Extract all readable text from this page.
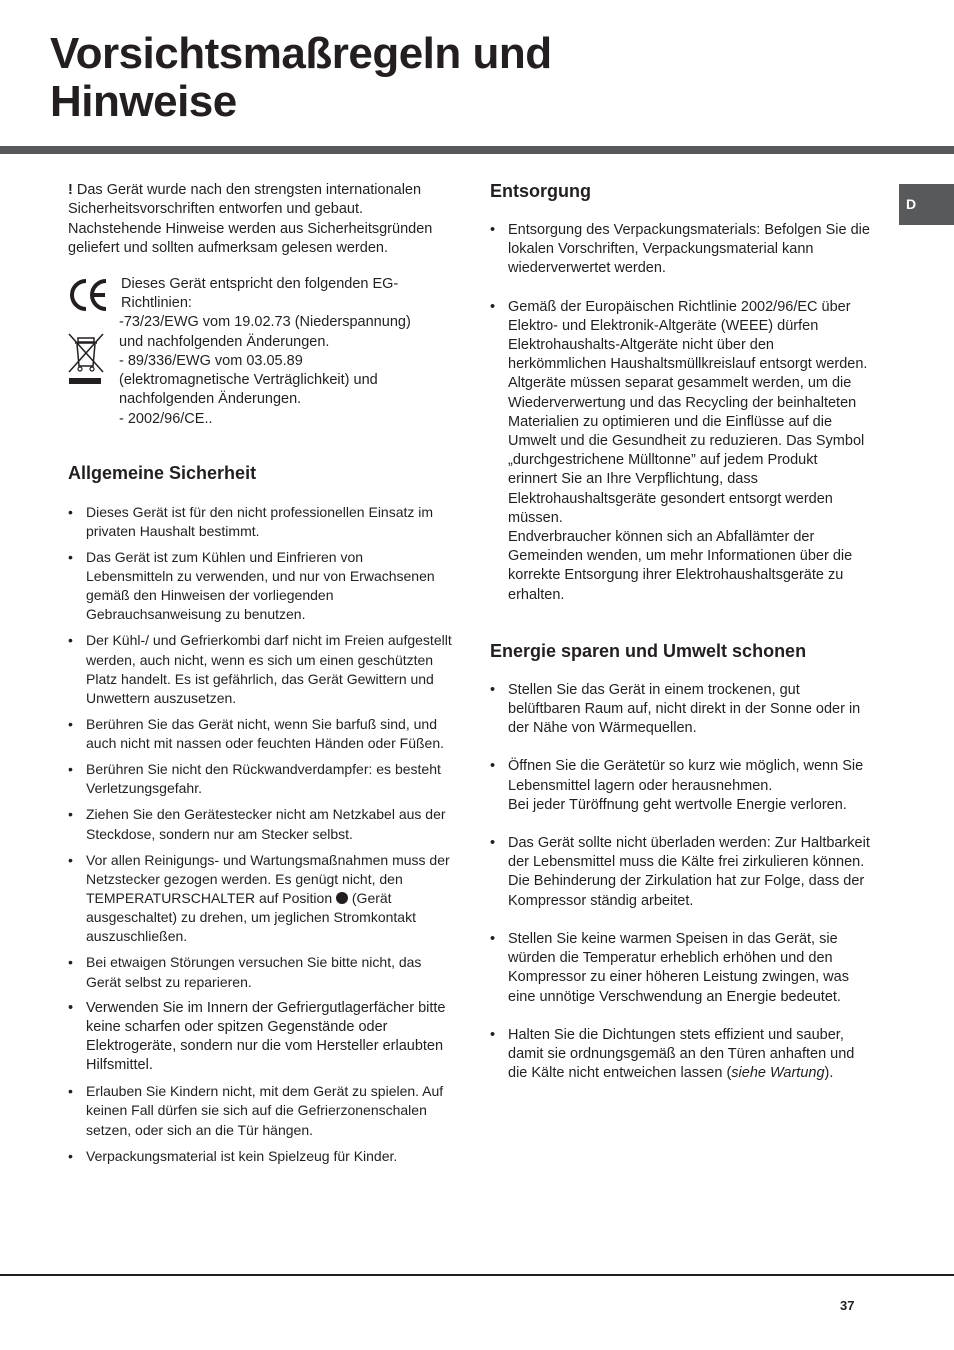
Vorsichtsmaßregeln und
Hinweise
D

! Das Gerät wurde nach den strengsten internationalen Sicherheitsvorschriften entworfen und gebaut. Nachstehende Hinweise werden aus Sicherheitsgründen geliefert und sollten aufmerksam gelesen werden.

Dieses Gerät entspricht den folgenden EG-
Richtlinien:
-73/23/EWG vom 19.02.73 (Niederspannung)
und nachfolgenden Änderungen.
- 89/336/EWG vom 03.05.89
(elektromagnetische Verträglichkeit) und
nachfolgenden Änderungen.
- 2002/96/CE..
Allgemeine Sicherheit
• Dieses Gerät ist für den nicht professionellen Einsatz im privaten Haushalt bestimmt.
• Das Gerät ist zum Kühlen und Einfrieren von Lebensmitteln zu verwenden, und nur von Erwachsenen gemäß den Hinweisen der vorliegenden Gebrauchsanweisung zu benutzen.
• Der Kühl-/ und Gefrierkombi darf nicht im Freien aufgestellt werden, auch nicht, wenn es sich um einen geschützten Platz handelt. Es ist gefährlich, das Gerät Gewittern und Unwettern auszusetzen.
• Berühren Sie das Gerät nicht, wenn Sie barfuß sind, und auch nicht mit nassen oder feuchten Händen oder Füßen.
• Berühren Sie nicht den Rückwandverdampfer: es besteht Verletzungsgefahr.
• Ziehen Sie den Gerätestecker nicht am Netzkabel aus der Steckdose, sondern nur am Stecker selbst.
• Vor allen Reinigungs- und Wartungsmaßnahmen muss der Netzstecker gezogen werden. Es genügt nicht, den TEMPERATURSCHALTER auf Position (Gerät ausgeschaltet) zu drehen, um jeglichen Stromkontakt auszuschließen.
• Bei etwaigen Störungen versuchen Sie bitte nicht, das Gerät selbst zu reparieren.
• Verwenden Sie im Innern der Gefriergutlagerfächer bitte keine scharfen oder spitzen Gegenstände oder Elektrogeräte, sondern nur die vom Hersteller erlaubten Hilfsmittel.
• Erlauben Sie Kindern nicht, mit dem Gerät zu spielen. Auf keinen Fall dürfen sie sich auf die Gefrierzonenschalen setzen, oder sich an die Tür hängen.
• Verpackungsmaterial ist kein Spielzeug für Kinder.
Entsorgung
• Entsorgung des Verpackungsmaterials: Befolgen Sie die lokalen Vorschriften, Verpackungsmaterial kann wiederverwertet werden.
• Gemäß der Europäischen Richtlinie 2002/96/EC über Elektro- und Elektronik-Altgeräte (WEEE) dürfen Elektrohaushalts-Altgeräte nicht über den herkömmlichen Haushaltsmüllkreislauf entsorgt werden. Altgeräte müssen separat gesammelt werden, um die Wiederverwertung und das Recycling der beinhalteten Materialien zu optimieren und die Einflüsse auf die Umwelt und die Gesundheit zu reduzieren. Das Symbol „durchgestrichene Mülltonne” auf jedem Produkt erinnert Sie an Ihre Verpflichtung, dass Elektrohaushaltsgeräte gesondert entsorgt werden müssen.
Endverbraucher können sich an Abfallämter der Gemeinden wenden, um mehr Informationen über die korrekte Entsorgung ihrer Elektrohaushaltsgeräte zu erhalten.
Energie sparen und Umwelt schonen
• Stellen Sie das Gerät in einem trockenen, gut belüftbaren Raum auf, nicht direkt in der Sonne oder in der Nähe von Wärmequellen.
• Öffnen Sie die Gerätetür so kurz wie möglich, wenn Sie Lebensmittel lagern oder herausnehmen.
Bei jeder Türöffnung geht wertvolle Energie verloren.
• Das Gerät sollte nicht überladen werden: Zur Haltbarkeit der Lebensmittel muss die Kälte frei zirkulieren können. Die Behinderung der Zirkulation hat zur Folge, dass der Kompressor ständig arbeitet.
• Stellen Sie keine warmen Speisen in das Gerät, sie würden die Temperatur erheblich erhöhen und den Kompressor zu einer höheren Leistung zwingen, was eine unnötige Verschwendung an Energie bedeutet.
• Halten Sie die Dichtungen stets effizient und sauber, damit sie ordnungsgemäß an den Türen anhaften und die Kälte nicht entweichen lassen (siehe Wartung).
37
